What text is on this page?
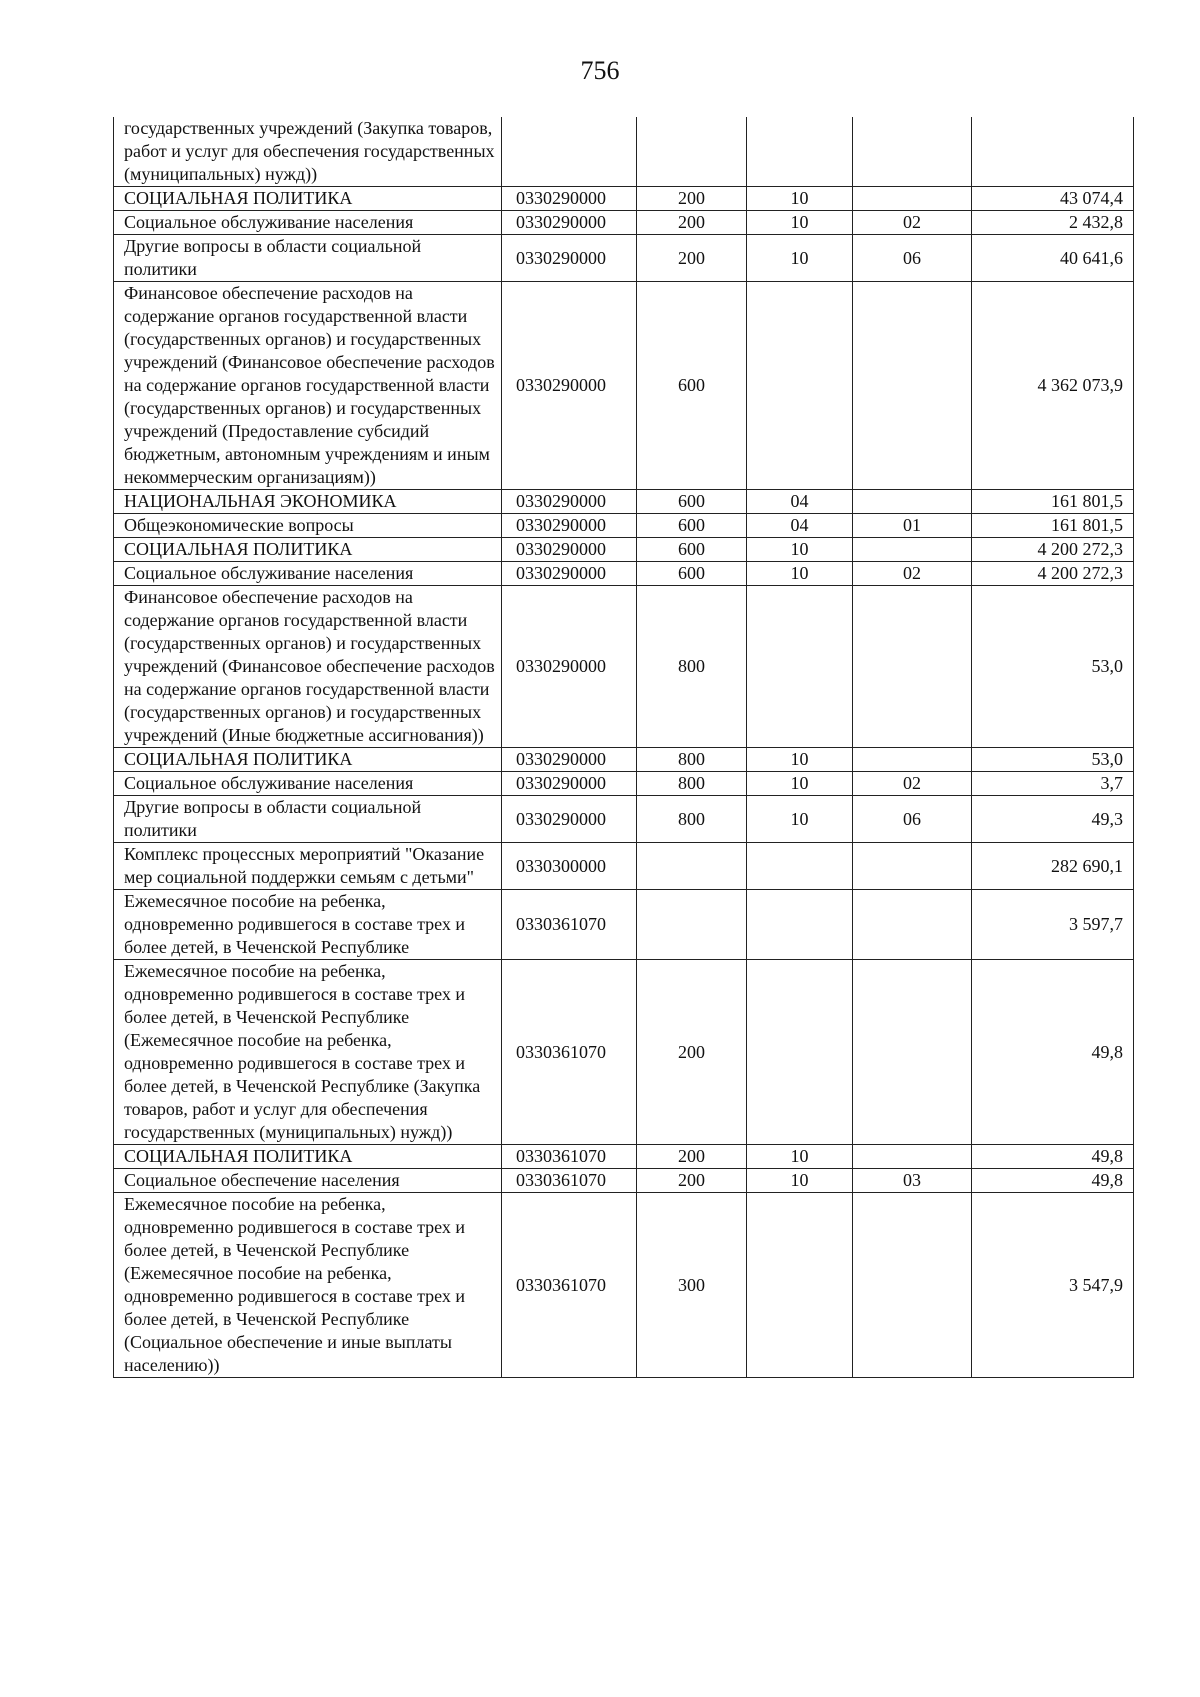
756
государственных учреждений (Закупка товаров, работ и услуг для обеспечения государственных (муниципальных) нужд))					
СОЦИАЛЬНАЯ ПОЛИТИКА	0330290000	200	10		43 074,4
Социальное обслуживание населения	0330290000	200	10	02	2 432,8
Другие вопросы в области социальной политики	0330290000	200	10	06	40 641,6
Финансовое обеспечение расходов на содержание органов государственной власти (государственных органов) и государственных учреждений (Финансовое обеспечение расходов на содержание органов государственной власти (государственных органов) и государственных учреждений (Предоставление субсидий бюджетным, автономным учреждениям и иным некоммерческим организациям))	0330290000	600			4 362 073,9
НАЦИОНАЛЬНАЯ ЭКОНОМИКА	0330290000	600	04		161 801,5
Общеэкономические вопросы	0330290000	600	04	01	161 801,5
СОЦИАЛЬНАЯ ПОЛИТИКА	0330290000	600	10		4 200 272,3
Социальное обслуживание населения	0330290000	600	10	02	4 200 272,3
Финансовое обеспечение расходов на содержание органов государственной власти (государственных органов) и государственных учреждений (Финансовое обеспечение расходов на содержание органов государственной власти (государственных органов) и государственных учреждений (Иные бюджетные ассигнования))	0330290000	800			53,0
СОЦИАЛЬНАЯ ПОЛИТИКА	0330290000	800	10		53,0
Социальное обслуживание населения	0330290000	800	10	02	3,7
Другие вопросы в области социальной политики	0330290000	800	10	06	49,3
Комплекс процессных мероприятий "Оказание мер социальной поддержки семьям с детьми"	0330300000				282 690,1
Ежемесячное пособие на ребенка, одновременно родившегося в составе трех и более детей, в Чеченской Республике	0330361070				3 597,7
Ежемесячное пособие на ребенка, одновременно родившегося в составе трех и более детей, в Чеченской Республике (Ежемесячное пособие на ребенка, одновременно родившегося в составе трех и более детей, в Чеченской Республике (Закупка товаров, работ и услуг для обеспечения государственных (муниципальных) нужд))	0330361070	200			49,8
СОЦИАЛЬНАЯ ПОЛИТИКА	0330361070	200	10		49,8
Социальное обеспечение населения	0330361070	200	10	03	49,8
Ежемесячное пособие на ребенка, одновременно родившегося в составе трех и более детей, в Чеченской Республике (Ежемесячное пособие на ребенка, одновременно родившегося в составе трех и более детей, в Чеченской Республике (Социальное обеспечение и иные выплаты населению))	0330361070	300			3 547,9
